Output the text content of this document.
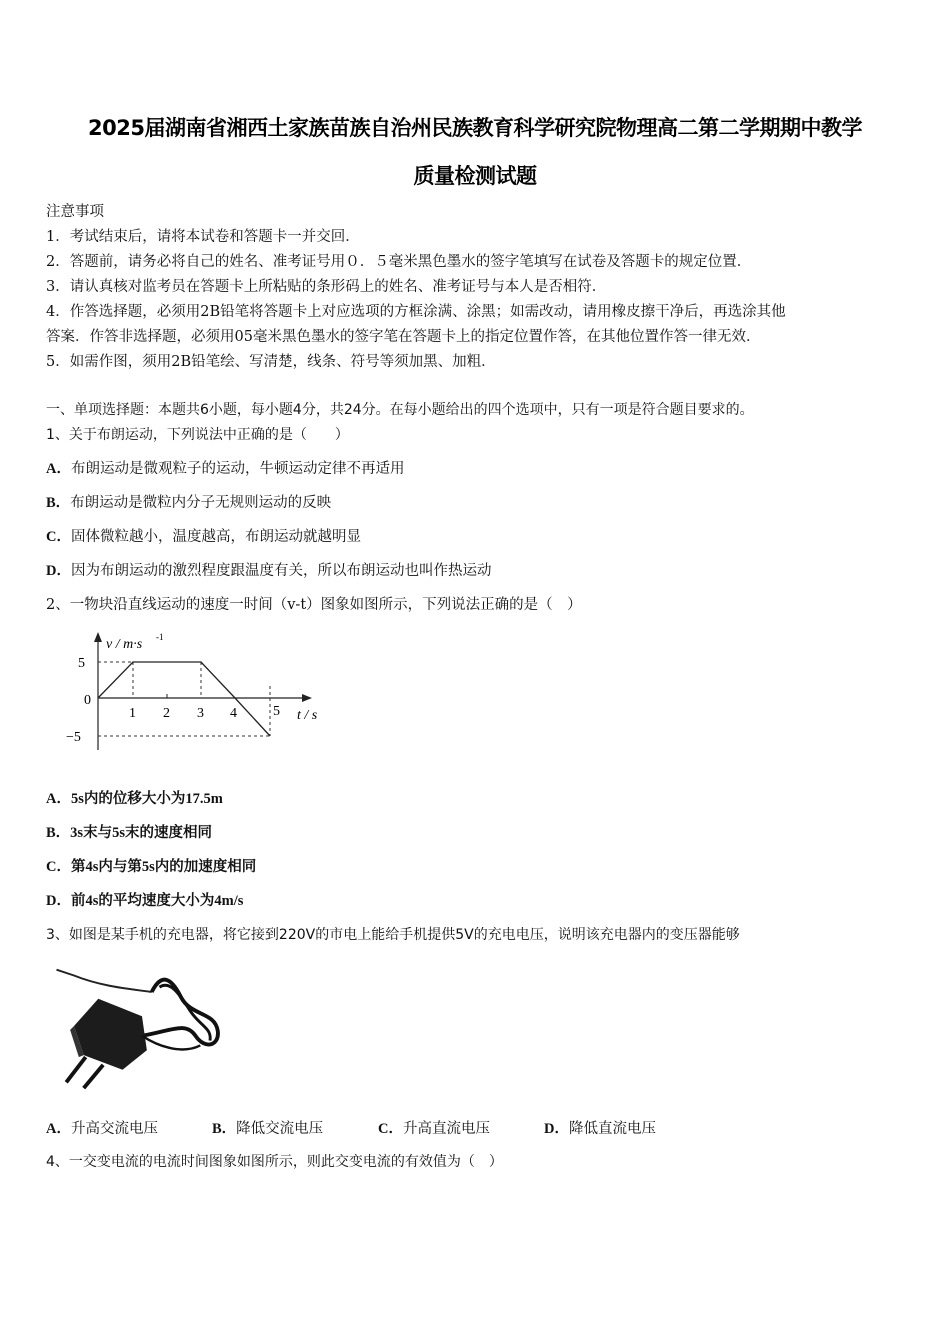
2025届湖南省湘西土家族苗族自治州民族教育科学研究院物理高二第二学期期中教学
质量检测试题
注意事项
1．考试结束后，请将本试卷和答题卡一并交回．
2．答题前，请务必将自己的姓名、准考证号用０．５毫米黑色墨水的签字笔填写在试卷及答题卡的规定位置．
3．请认真核对监考员在答题卡上所粘贴的条形码上的姓名、准考证号与本人是否相符．
4．作答选择题，必须用2B铅笔将答题卡上对应选项的方框涂满、涂黑；如需改动，请用橡皮擦干净后，再选涂其他
答案．作答非选择题，必须用05毫米黑色墨水的签字笔在答题卡上的指定位置作答，在其他位置作答一律无效．
5．如需作图，须用2B铅笔绘、写清楚，线条、符号等须加黑、加粗．
一、单项选择题：本题共6小题，每小题4分，共24分。在每小题给出的四个选项中，只有一项是符合题目要求的。
1、关于布朗运动，下列说法中正确的是（　　）
A．布朗运动是微观粒子的运动，牛顿运动定律不再适用
B．布朗运动是微粒内分子无规则运动的反映
C．固体微粒越小，温度越高，布朗运动就越明显
D．因为布朗运动的激烈程度跟温度有关，所以布朗运动也叫作热运动
2、一物块沿直线运动的速度一时间（v-t）图象如图所示，下列说法正确的是（　）
v / m·s -1
5
0
−5
1 2 3 4	5 t / s
A．5s内的位移大小为17.5m
B．3s末与5s末的速度相同
C．第4s内与第5s内的加速度相同
D．前4s的平均速度大小为4m/s
3、如图是某手机的充电器，将它接到220V的市电上能给手机提供5V的充电电压，说明该充电器内的变压器能够
A．升高交流电压	B．降低交流电压	C．升高直流电压	D．降低直流电压
4、一交变电流的电流时间图象如图所示，则此交变电流的有效值为（　）
